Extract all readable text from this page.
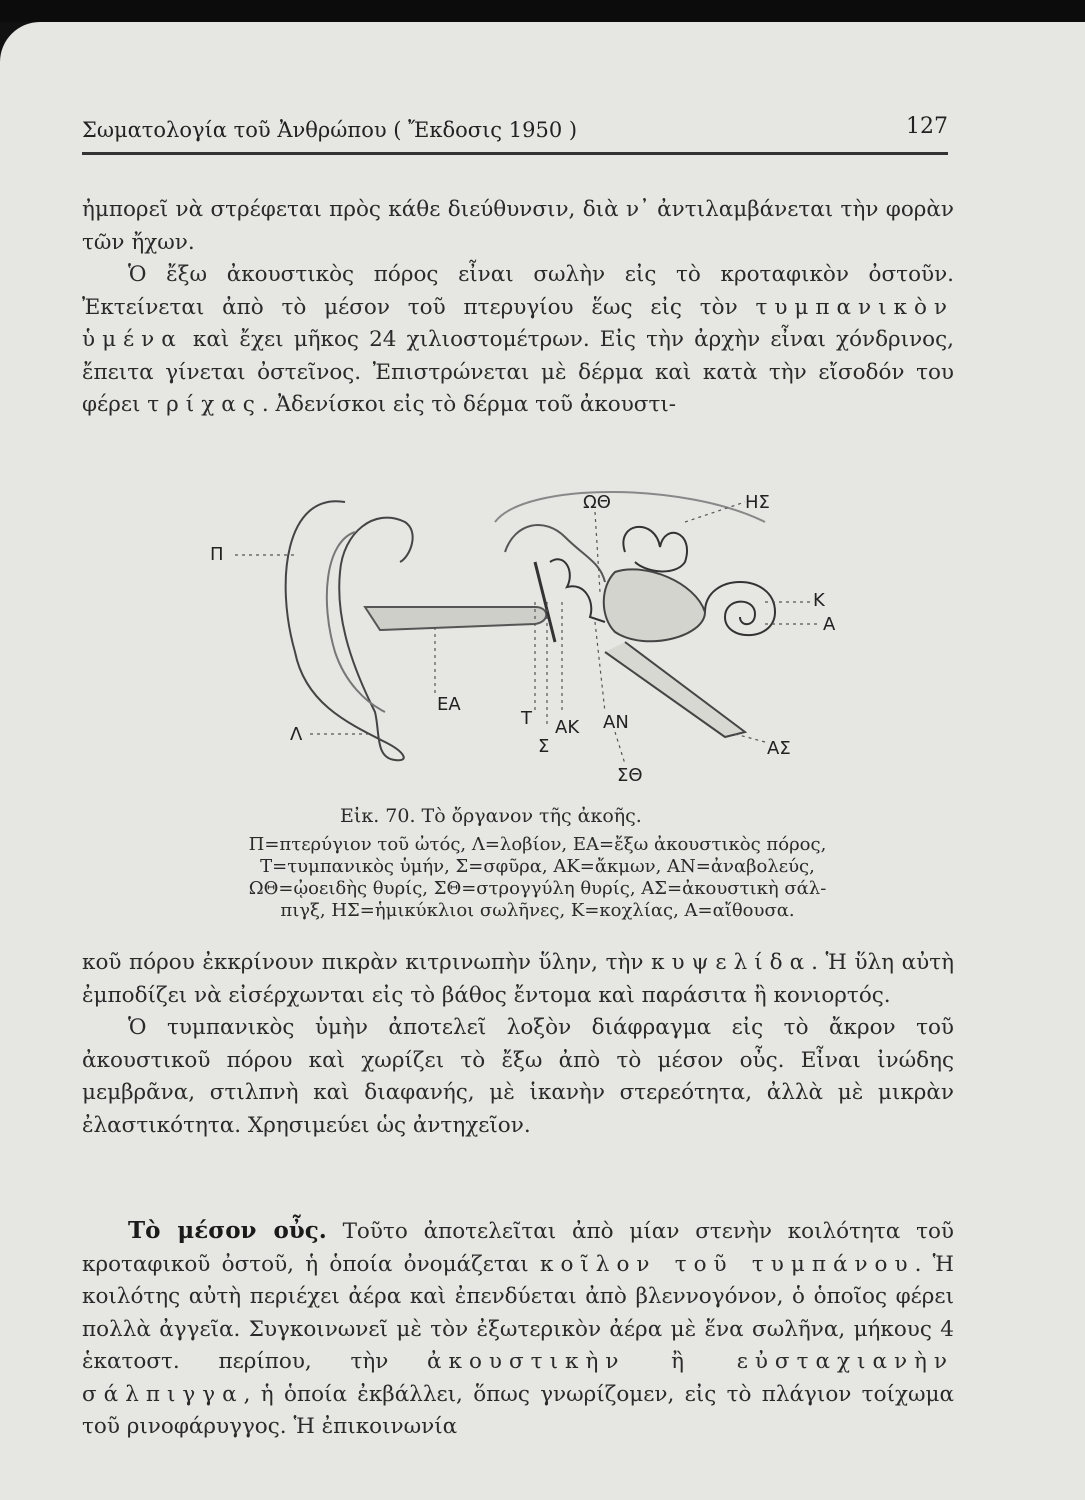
Σωματολογία τοῦ Ἀνθρώπου ( Ἔκδοσις 1950 )	127

ἠμπορεῖ νὰ στρέφεται πρὸς κάθε διεύθυνσιν, διὰ ν᾿ ἀντιλαμβάνεται τὴν φορὰν τῶν ἤχων.

Ὁ ἔξω ἀκουστικὸς πόρος εἶναι σωλὴν εἰς τὸ κροταφικὸν ὀστοῦν. Ἐκτείνεται ἀπὸ τὸ μέσον τοῦ πτερυγίου ἕως εἰς τὸν τυμπανικὸν ὑμένα καὶ ἔχει μῆκος 24 χιλιοστομέτρων. Εἰς τὴν ἀρχὴν εἶναι χόνδρινος, ἔπειτα γίνεται ὀστεῖνος. Ἐπιστρώνεται μὲ δέρμα καὶ κατὰ τὴν εἴσοδόν του φέρει τρίχας. Ἀδενίσκοι εἰς τὸ δέρμα τοῦ ἀκουστι-

Π
Λ
ΕΑ
Τ
Σ
ΑΚ ΑΝ
ΩΘ	ΗΣ
Κ
Α
ΑΣ
ΣΘ
Εἰκ. 70. Τὸ ὄργανον τῆς ἀκοῆς.
Π=πτερύγιον τοῦ ὠτός, Λ=λοβίον, ΕΑ=ἔξω ἀκουστικὸς πόρος,
Τ=τυμπανικὸς ὑμήν, Σ=σφῦρα, ΑΚ=ἄκμων, ΑΝ=ἀναβολεύς,
ΩΘ=ᾠοειδὴς θυρίς, ΣΘ=στρογγύλη θυρίς, ΑΣ=ἀκουστικὴ σάλ-
πιγξ, ΗΣ=ἡμικύκλιοι σωλῆνες, Κ=κοχλίας, Α=αἴθουσα.

κοῦ πόρου ἐκκρίνουν πικρὰν κιτρινωπὴν ὕλην, τὴν κυψελίδα. Ἡ ὕλη αὐτὴ ἐμποδίζει νὰ εἰσέρχωνται εἰς τὸ βάθος ἔντομα καὶ παράσιτα ἢ κονιορτός.

Ὁ τυμπανικὸς ὑμὴν ἀποτελεῖ λοξὸν διάφραγμα εἰς τὸ ἄκρον τοῦ ἀκουστικοῦ πόρου καὶ χωρίζει τὸ ἔξω ἀπὸ τὸ μέσον οὖς. Εἶναι ἰνώδης μεμβρᾶνα, στιλπνὴ καὶ διαφανής, μὲ ἱκανὴν στερεότητα, ἀλλὰ μὲ μικρὰν ἐλαστικότητα. Χρησιμεύει ὡς ἀντηχεῖον.

Τὸ μέσον οὖς. Τοῦτο ἀποτελεῖται ἀπὸ μίαν στενὴν κοιλότητα τοῦ κροταφικοῦ ὀστοῦ, ἡ ὁποία ὀνομάζεται κοῖλον τοῦ τυμπάνου. Ἡ κοιλότης αὐτὴ περιέχει ἀέρα καὶ ἐπενδύεται ἀπὸ βλεννογόνον, ὁ ὁποῖος φέρει πολλὰ ἀγγεῖα. Συγκοινωνεῖ μὲ τὸν ἐξωτερικὸν ἀέρα μὲ ἕνα σωλῆνα, μήκους 4 ἑκατοστ. περίπου, τὴν ἀκουστικὴν ἢ εὐσταχιανὴν σάλπιγγα, ἡ ὁποία ἐκβάλλει, ὅπως γνωρίζομεν, εἰς τὸ πλάγιον τοίχωμα τοῦ ρινοφάρυγγος. Ἡ ἐπικοινωνία
